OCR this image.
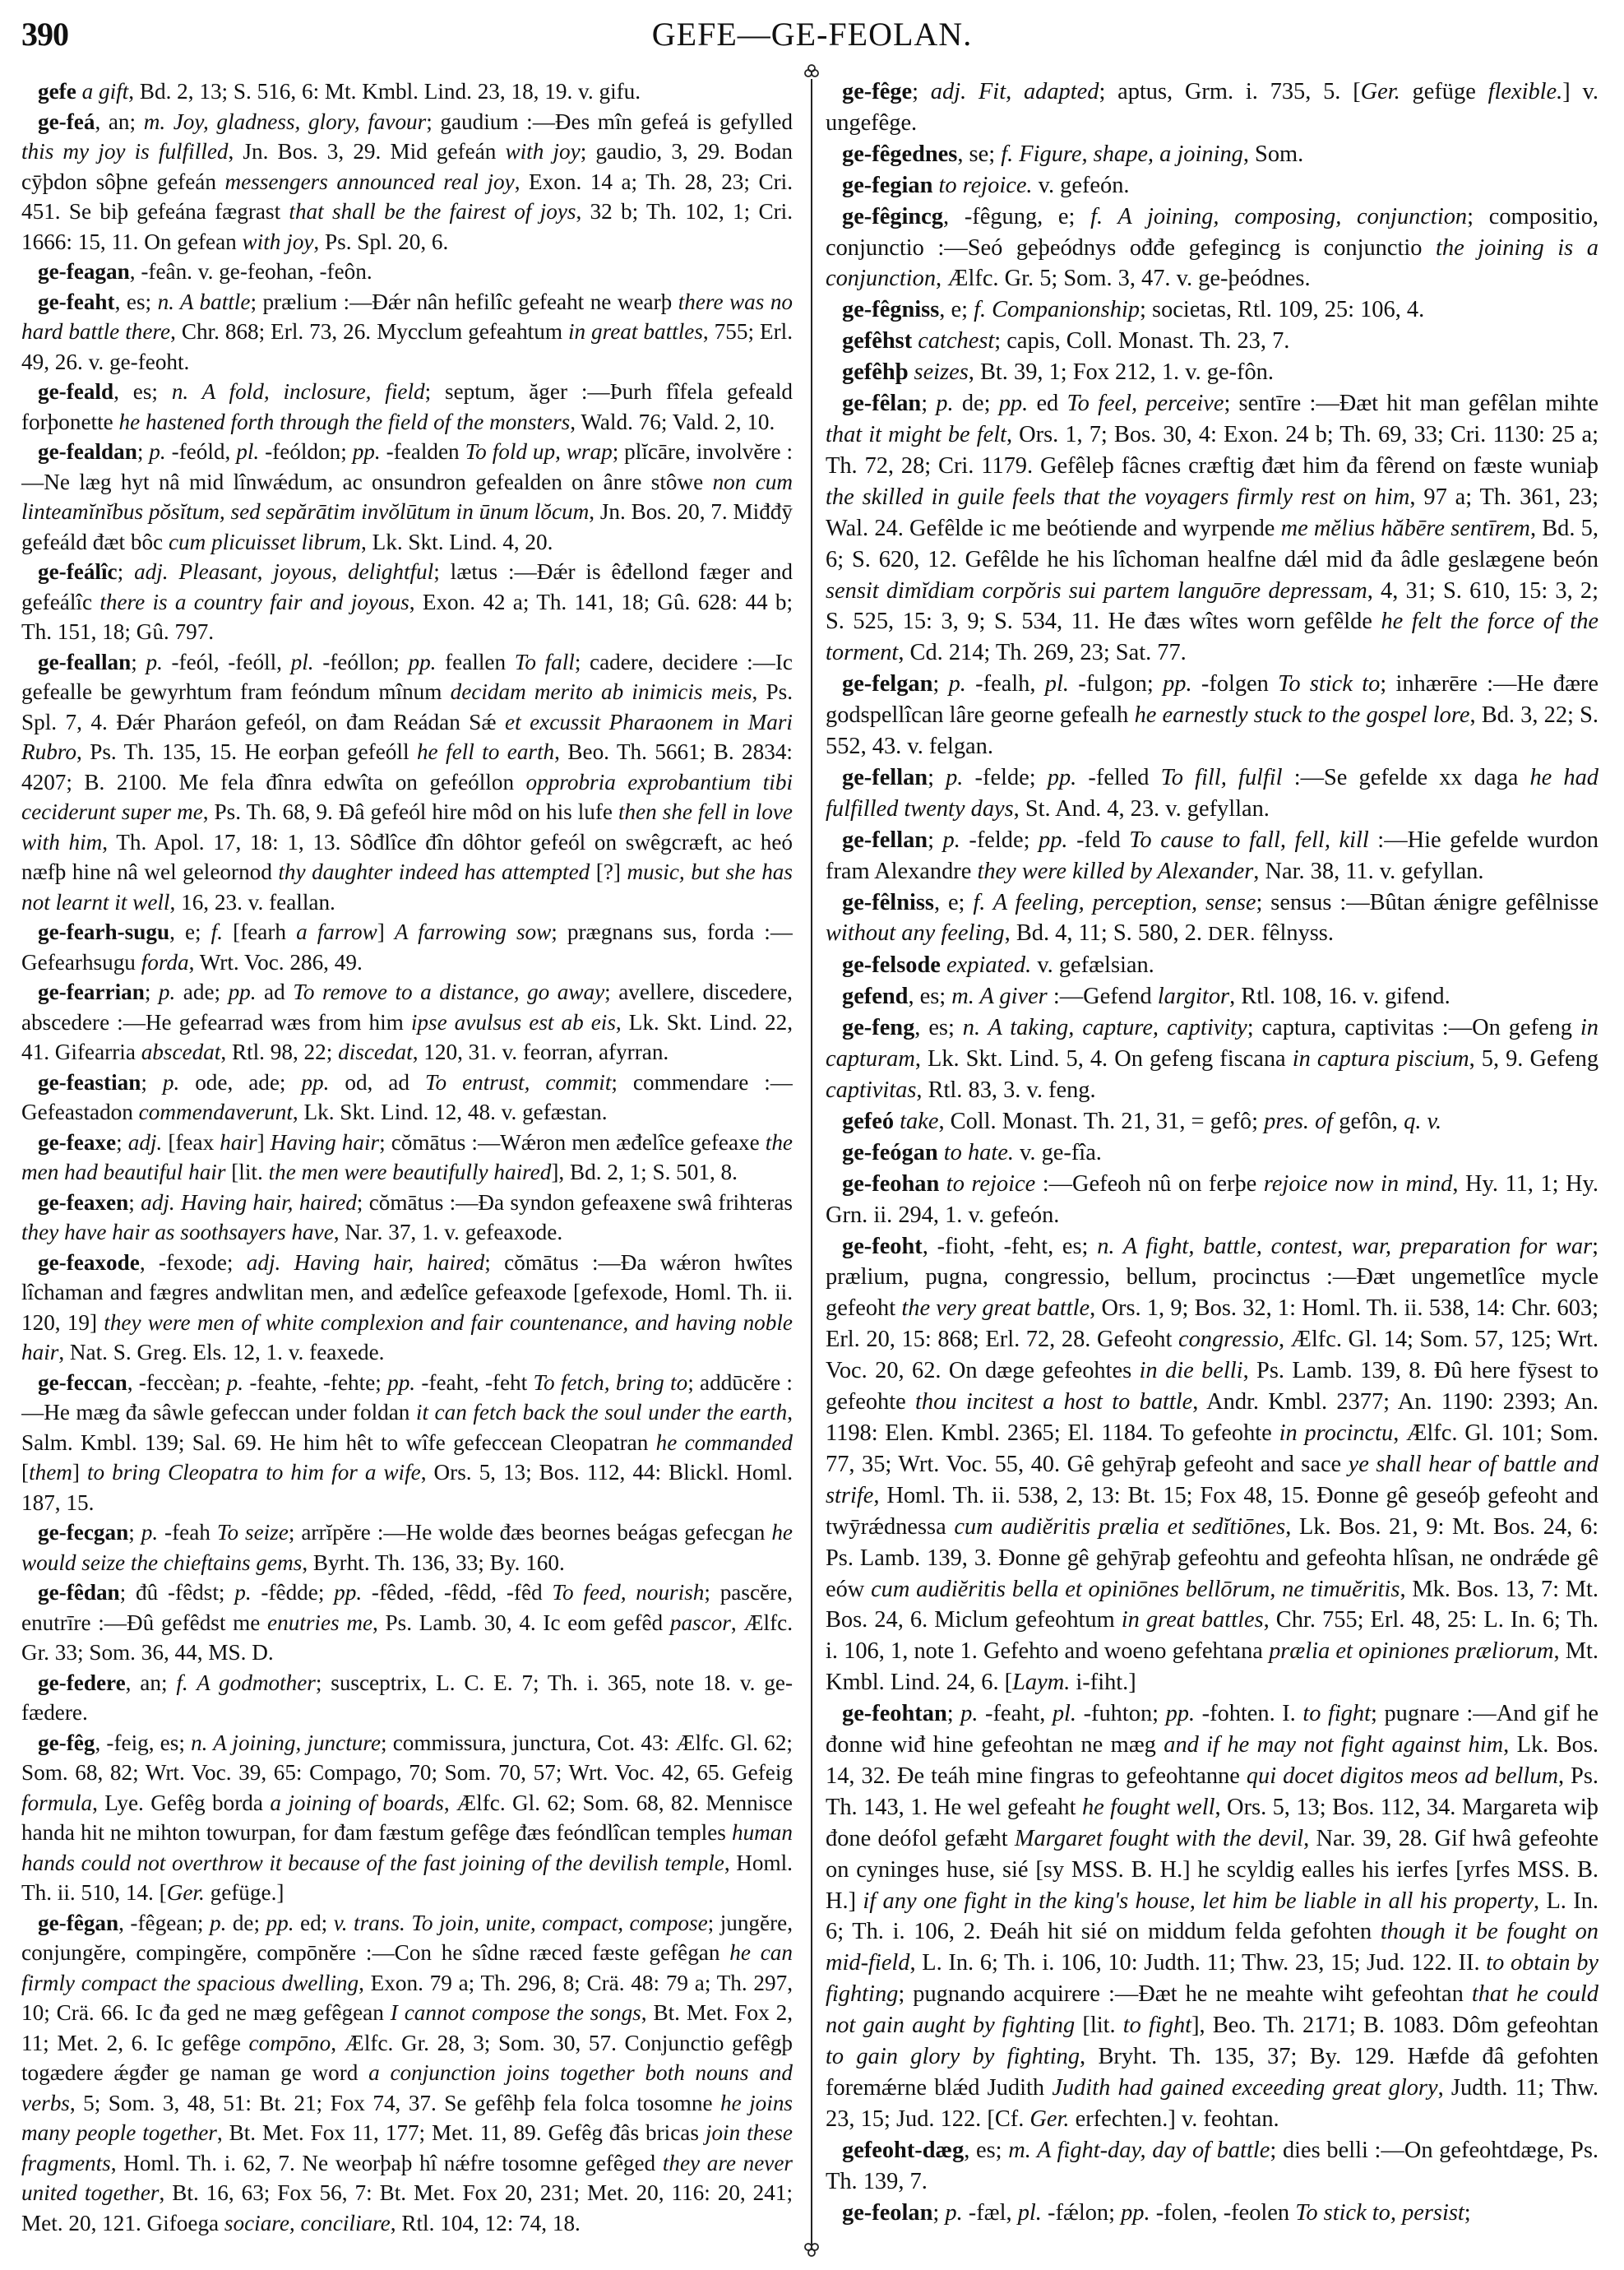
390	GEFE—GE-FEOLAN.

gefe a gift, Bd. 2, 13; S. 516, 6: Mt. Kmbl. Lind. 23, 18, 19. v. gifu.

ge-feá, an; m. Joy, gladness, glory, favour; gaudium :—Đes mîn gefeá is gefylled this my joy is fulfilled, Jn. Bos. 3, 29. Mid gefeán with joy; gaudio, 3, 29. Bodan cȳþdon sôþne gefeán messengers announced real joy, Exon. 14 a; Th. 28, 23; Cri. 451. Se biþ gefeána fægrast that shall be the fairest of joys, 32 b; Th. 102, 1; Cri. 1666: 15, 11. On gefean with joy, Ps. Spl. 20, 6.

ge-feagan, -feân. v. ge-feohan, -feôn.

ge-feaht, es; n. A battle; prælium :—Đǽr nân hefilîc gefeaht ne wearþ there was no hard battle there, Chr. 868; Erl. 73, 26. Mycclum gefeahtum in great battles, 755; Erl. 49, 26. v. ge-feoht.

ge-feald, es; n. A fold, inclosure, field; septum, ăger :—Þurh fîfela gefeald forþonette he hastened forth through the field of the monsters, Wald. 76; Vald. 2, 10.

ge-fealdan; p. -feóld, pl. -feóldon; pp. -fealden To fold up, wrap; plĭcāre, involvĕre :—Ne læg hyt nâ mid lînwǽdum, ac onsundron gefealden on ânre stôwe non cum linteamĭnĭbus pŏsĭtum, sed sepărātim invŏlūtum in ūnum lŏcum, Jn. Bos. 20, 7. Miđđȳ gefeáld đæt bôc cum plicuisset librum, Lk. Skt. Lind. 4, 20.

ge-feálîc; adj. Pleasant, joyous, delightful; lætus :—Đǽr is êđellond fæger and gefeálîc there is a country fair and joyous, Exon. 42 a; Th. 141, 18; Gû. 628: 44 b; Th. 151, 18; Gû. 797.

ge-feallan; p. -feól, -feóll, pl. -feóllon; pp. feallen To fall; cadere, decidere :—Ic gefealle be gewyrhtum fram feóndum mînum decidam merito ab inimicis meis, Ps. Spl. 7, 4. Đǽr Pharáon gefeól, on đam Reádan Sǽ et excussit Pharaonem in Mari Rubro, Ps. Th. 135, 15. He eorþan gefeóll he fell to earth, Beo. Th. 5661; B. 2834: 4207; B. 2100. Me fela đînra edwîta on gefeóllon opprobria exprobantium tibi ceciderunt super me, Ps. Th. 68, 9. Đâ gefeól hire môd on his lufe then she fell in love with him, Th. Apol. 17, 18: 1, 13. Sôđlîce đîn dôhtor gefeól on swêgcræft, ac heó næfþ hine nâ wel geleornod thy daughter indeed has attempted [?] music, but she has not learnt it well, 16, 23. v. feallan.

ge-fearh-sugu, e; f. [fearh a farrow] A farrowing sow; prægnans sus, forda :—Gefearhsugu forda, Wrt. Voc. 286, 49.

ge-fearrian; p. ade; pp. ad To remove to a distance, go away; avellere, discedere, abscedere :—He gefearrad wæs from him ipse avulsus est ab eis, Lk. Skt. Lind. 22, 41. Gifearria abscedat, Rtl. 98, 22; discedat, 120, 31. v. feorran, afyrran.

ge-feastian; p. ode, ade; pp. od, ad To entrust, commit; commendare :—Gefeastadon commendaverunt, Lk. Skt. Lind. 12, 48. v. gefæstan.

ge-feaxe; adj. [feax hair] Having hair; cŏmātus :—Wǽron men æđelîce gefeaxe the men had beautiful hair [lit. the men were beautifully haired], Bd. 2, 1; S. 501, 8.

ge-feaxen; adj. Having hair, haired; cŏmātus :—Đa syndon gefeaxene swâ frihteras they have hair as soothsayers have, Nar. 37, 1. v. gefeaxode.

ge-feaxode, -fexode; adj. Having hair, haired; cŏmātus :—Đa wǽron hwîtes lîchaman and fægres andwlitan men, and æđelîce gefeaxode [gefexode, Homl. Th. ii. 120, 19] they were men of white complexion and fair countenance, and having noble hair, Nat. S. Greg. Els. 12, 1. v. feaxede.

ge-feccan, -feccèan; p. -feahte, -fehte; pp. -feaht, -feht To fetch, bring to; addūcĕre :—He mæg đa sâwle gefeccan under foldan it can fetch back the soul under the earth, Salm. Kmbl. 139; Sal. 69. He him hêt to wîfe gefeccean Cleopatran he commanded [them] to bring Cleopatra to him for a wife, Ors. 5, 13; Bos. 112, 44: Blickl. Homl. 187, 15.

ge-fecgan; p. -feah To seize; arrĭpĕre :—He wolde đæs beornes beágas gefecgan he would seize the chieftains gems, Byrht. Th. 136, 33; By. 160.

ge-fêdan; đû -fêdst; p. -fêdde; pp. -fêded, -fêdd, -fêd To feed, nourish; pascĕre, enutrīre :—Đû gefêdst me enutries me, Ps. Lamb. 30, 4. Ic eom gefêd pascor, Ælfc. Gr. 33; Som. 36, 44, MS. D.

ge-federe, an; f. A godmother; susceptrix, L. C. E. 7; Th. i. 365, note 18. v. ge-fædere.

ge-fêg, -feig, es; n. A joining, juncture; commissura, junctura, Cot. 43: Ælfc. Gl. 62; Som. 68, 82; Wrt. Voc. 39, 65: Compago, 70; Som. 70, 57; Wrt. Voc. 42, 65. Gefeig formula, Lye. Gefêg borda a joining of boards, Ælfc. Gl. 62; Som. 68, 82. Mennisce handa hit ne mihton towurpan, for đam fæstum gefêge đæs feóndlîcan temples human hands could not overthrow it because of the fast joining of the devilish temple, Homl. Th. ii. 510, 14. [Ger. gefüge.]

ge-fêgan, -fêgean; p. de; pp. ed; v. trans. To join, unite, compact, compose; jungĕre, conjungĕre, compingĕre, compōnĕre :—Con he sîdne ræced fæste gefêgan he can firmly compact the spacious dwelling, Exon. 79 a; Th. 296, 8; Crä. 48: 79 a; Th. 297, 10; Crä. 66. Ic đa ged ne mæg gefêgean I cannot compose the songs, Bt. Met. Fox 2, 11; Met. 2, 6. Ic gefêge compōno, Ælfc. Gr. 28, 3; Som. 30, 57. Conjunctio gefêgþ togædere ǽgđer ge naman ge word a conjunction joins together both nouns and verbs, 5; Som. 3, 48, 51: Bt. 21; Fox 74, 37. Se gefêhþ fela folca tosomne he joins many people together, Bt. Met. Fox 11, 177; Met. 11, 89. Gefêg đâs bricas join these fragments, Homl. Th. i. 62, 7. Ne weorþaþ hî nǽfre tosomne gefêged they are never united together, Bt. 16, 63; Fox 56, 7: Bt. Met. Fox 20, 231; Met. 20, 116: 20, 241; Met. 20, 121. Gifoega sociare, conciliare, Rtl. 104, 12: 74, 18.

ge-fêge; adj. Fit, adapted; aptus, Grm. i. 735, 5. [Ger. gefüge flexible.] v. ungefêge.

ge-fêgednes, se; f. Figure, shape, a joining, Som.

ge-fegian to rejoice. v. gefeón.

ge-fêgincg, -fêgung, e; f. A joining, composing, conjunction; compositio, conjunctio :—Seó geþeódnys ođđe gefegincg is conjunctio the joining is a conjunction, Ælfc. Gr. 5; Som. 3, 47. v. ge-þeódnes.

ge-fêgniss, e; f. Companionship; societas, Rtl. 109, 25: 106, 4.

gefêhst catchest; capis, Coll. Monast. Th. 23, 7.

gefêhþ seizes, Bt. 39, 1; Fox 212, 1. v. ge-fôn.

ge-fêlan; p. de; pp. ed To feel, perceive; sentīre :—Đæt hit man gefêlan mihte that it might be felt, Ors. 1, 7; Bos. 30, 4: Exon. 24 b; Th. 69, 33; Cri. 1130: 25 a; Th. 72, 28; Cri. 1179. Gefêleþ fâcnes cræftig đæt him đa fêrend on fæste wuniaþ the skilled in guile feels that the voyagers firmly rest on him, 97 a; Th. 361, 23; Wal. 24. Gefêlde ic me beótiende and wyrpende me mĕlius hăbēre sentīrem, Bd. 5, 6; S. 620, 12. Gefêlde he his lîchoman healfne dǽl mid đa âdle geslægene beón sensit dimĭdiam corpŏris sui partem languōre depressam, 4, 31; S. 610, 15: 3, 2; S. 525, 15: 3, 9; S. 534, 11. He đæs wîtes worn gefêlde he felt the force of the torment, Cd. 214; Th. 269, 23; Sat. 77.

ge-felgan; p. -fealh, pl. -fulgon; pp. -folgen To stick to; inhærēre :—He đære godspellîcan lâre georne gefealh he earnestly stuck to the gospel lore, Bd. 3, 22; S. 552, 43. v. felgan.

ge-fellan; p. -felde; pp. -felled To fill, fulfil :—Se gefelde xx daga he had fulfilled twenty days, St. And. 4, 23. v. gefyllan.

ge-fellan; p. -felde; pp. -feld To cause to fall, fell, kill :—Hie gefelde wurdon fram Alexandre they were killed by Alexander, Nar. 38, 11. v. gefyllan.

ge-fêlniss, e; f. A feeling, perception, sense; sensus :—Bûtan ǽnigre gefêlnisse without any feeling, Bd. 4, 11; S. 580, 2. DER. fêlnyss.

ge-felsode expiated. v. gefælsian.

gefend, es; m. A giver :—Gefend largitor, Rtl. 108, 16. v. gifend.

ge-feng, es; n. A taking, capture, captivity; captura, captivitas :—On gefeng in capturam, Lk. Skt. Lind. 5, 4. On gefeng fiscana in captura piscium, 5, 9. Gefeng captivitas, Rtl. 83, 3. v. feng.

gefeó take, Coll. Monast. Th. 21, 31, = gefô; pres. of gefôn, q. v.

ge-feógan to hate. v. ge-fîa.

ge-feohan to rejoice :—Gefeoh nû on ferþe rejoice now in mind, Hy. 11, 1; Hy. Grn. ii. 294, 1. v. gefeón.

ge-feoht, -fioht, -feht, es; n. A fight, battle, contest, war, preparation for war; prælium, pugna, congressio, bellum, procinctus :—Đæt ungemetlîce mycle gefeoht the very great battle, Ors. 1, 9; Bos. 32, 1: Homl. Th. ii. 538, 14: Chr. 603; Erl. 20, 15: 868; Erl. 72, 28. Gefeoht congressio, Ælfc. Gl. 14; Som. 57, 125; Wrt. Voc. 20, 62. On dæge gefeohtes in die belli, Ps. Lamb. 139, 8. Đû here fȳsest to gefeohte thou incitest a host to battle, Andr. Kmbl. 2377; An. 1190: 2393; An. 1198: Elen. Kmbl. 2365; El. 1184. To gefeohte in procinctu, Ælfc. Gl. 101; Som. 77, 35; Wrt. Voc. 55, 40. Gê gehȳraþ gefeoht and sace ye shall hear of battle and strife, Homl. Th. ii. 538, 2, 13: Bt. 15; Fox 48, 15. Đonne gê geseóþ gefeoht and twȳrǽdnessa cum audiĕritis prælia et sedĭtiōnes, Lk. Bos. 21, 9: Mt. Bos. 24, 6: Ps. Lamb. 139, 3. Đonne gê gehȳraþ gefeohtu and gefeohta hlîsan, ne ondrǽde gê eów cum audiĕritis bella et opiniōnes bellōrum, ne timuĕritis, Mk. Bos. 13, 7: Mt. Bos. 24, 6. Miclum gefeohtum in great battles, Chr. 755; Erl. 48, 25: L. In. 6; Th. i. 106, 1, note 1. Gefehto and woeno gefehtana prælia et opiniones præliorum, Mt. Kmbl. Lind. 24, 6. [Laym. i-fiht.]

ge-feohtan; p. -feaht, pl. -fuhton; pp. -fohten. I. to fight; pugnare :—And gif he đonne wiđ hine gefeohtan ne mæg and if he may not fight against him, Lk. Bos. 14, 32. Đe teáh mine fingras to gefeohtanne qui docet digitos meos ad bellum, Ps. Th. 143, 1. He wel gefeaht he fought well, Ors. 5, 13; Bos. 112, 34. Margareta wiþ đone deófol gefæht Margaret fought with the devil, Nar. 39, 28. Gif hwâ gefeohte on cyninges huse, sié [sy MSS. B. H.] he scyldig ealles his ierfes [yrfes MSS. B. H.] if any one fight in the king's house, let him be liable in all his property, L. In. 6; Th. i. 106, 2. Đeáh hit sié on middum felda gefohten though it be fought on mid-field, L. In. 6; Th. i. 106, 10: Judth. 11; Thw. 23, 15; Jud. 122. II. to obtain by fighting; pugnando acquirere :—Đæt he ne meahte wiht gefeohtan that he could not gain aught by fighting [lit. to fight], Beo. Th. 2171; B. 1083. Dôm gefeohtan to gain glory by fighting, Bryht. Th. 135, 37; By. 129. Hæfde đâ gefohten foremǽrne blǽd Judith Judith had gained exceeding great glory, Judth. 11; Thw. 23, 15; Jud. 122. [Cf. Ger. erfechten.] v. feohtan.

gefeoht-dæg, es; m. A fight-day, day of battle; dies belli :—On gefeohtdæge, Ps. Th. 139, 7.

ge-feolan; p. -fæl, pl. -fǽlon; pp. -folen, -feolen To stick to, persist;
